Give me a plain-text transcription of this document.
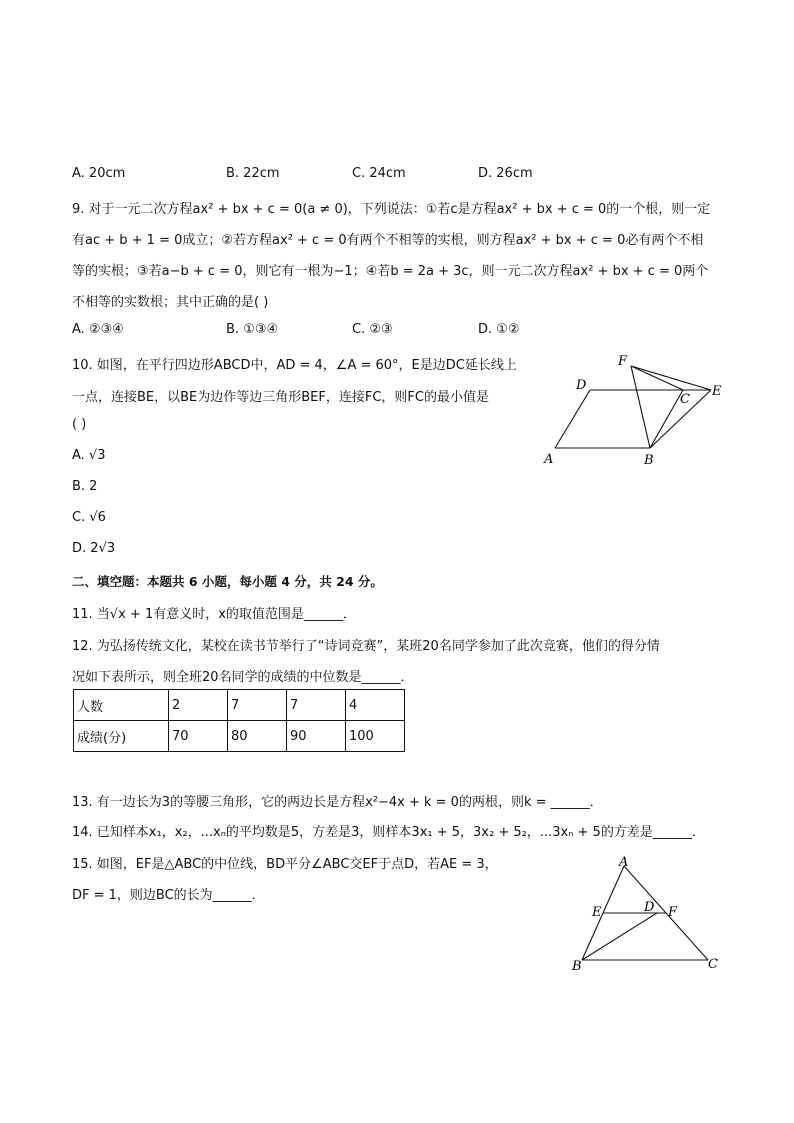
A. 20cm	B. 22cm	C. 24cm	D. 26cm
9. 对于一元二次方程ax² + bx + c = 0(a ≠ 0)，下列说法：①若c是方程ax² + bx + c = 0的一个根，则一定
有ac + b + 1 = 0成立；②若方程ax² + c = 0有两个不相等的实根，则方程ax² + bx + c = 0必有两个不相
等的实根；③若a−b + c = 0，则它有一根为−1；④若b = 2a + 3c，则一元二次方程ax² + bx + c = 0两个
不相等的实数根；其中正确的是( )
A. ②③④	B. ①③④	C. ②③	D. ①②
10. 如图，在平行四边形ABCD中，AD = 4，∠A = 60°，E是边DC延长线上
一点，连接BE，以BE为边作等边三角形BEF，连接FC，则FC的最小值是
( )
A. √3
B. 2
C. √6
D. 2√3
F
D
C
E
A	B
二、填空题：本题共 6 小题，每小题 4 分，共 24 分。
11. 当√x + 1有意义时，x的取值范围是______．
12. 为弘扬传统文化，某校在读书节举行了“诗词竞赛”，某班20名同学参加了此次竞赛，他们的得分情
况如下表所示，则全班20名同学的成绩的中位数是______．
人数	2	7	7	4
成绩(分)	70	80	90	100
13. 有一边长为3的等腰三角形，它的两边长是方程x²−4x + k = 0的两根，则k = ______．
14. 已知样本x₁，x₂，...xₙ的平均数是5，方差是3，则样本3x₁ + 5，3x₂ + 5₂，...3xₙ + 5的方差是______．
15. 如图，EF是△ABC的中位线，BD平分∠ABC交EF于点D，若AE = 3，
DF = 1，则边BC的长为______．
A
E	D F
B	C
